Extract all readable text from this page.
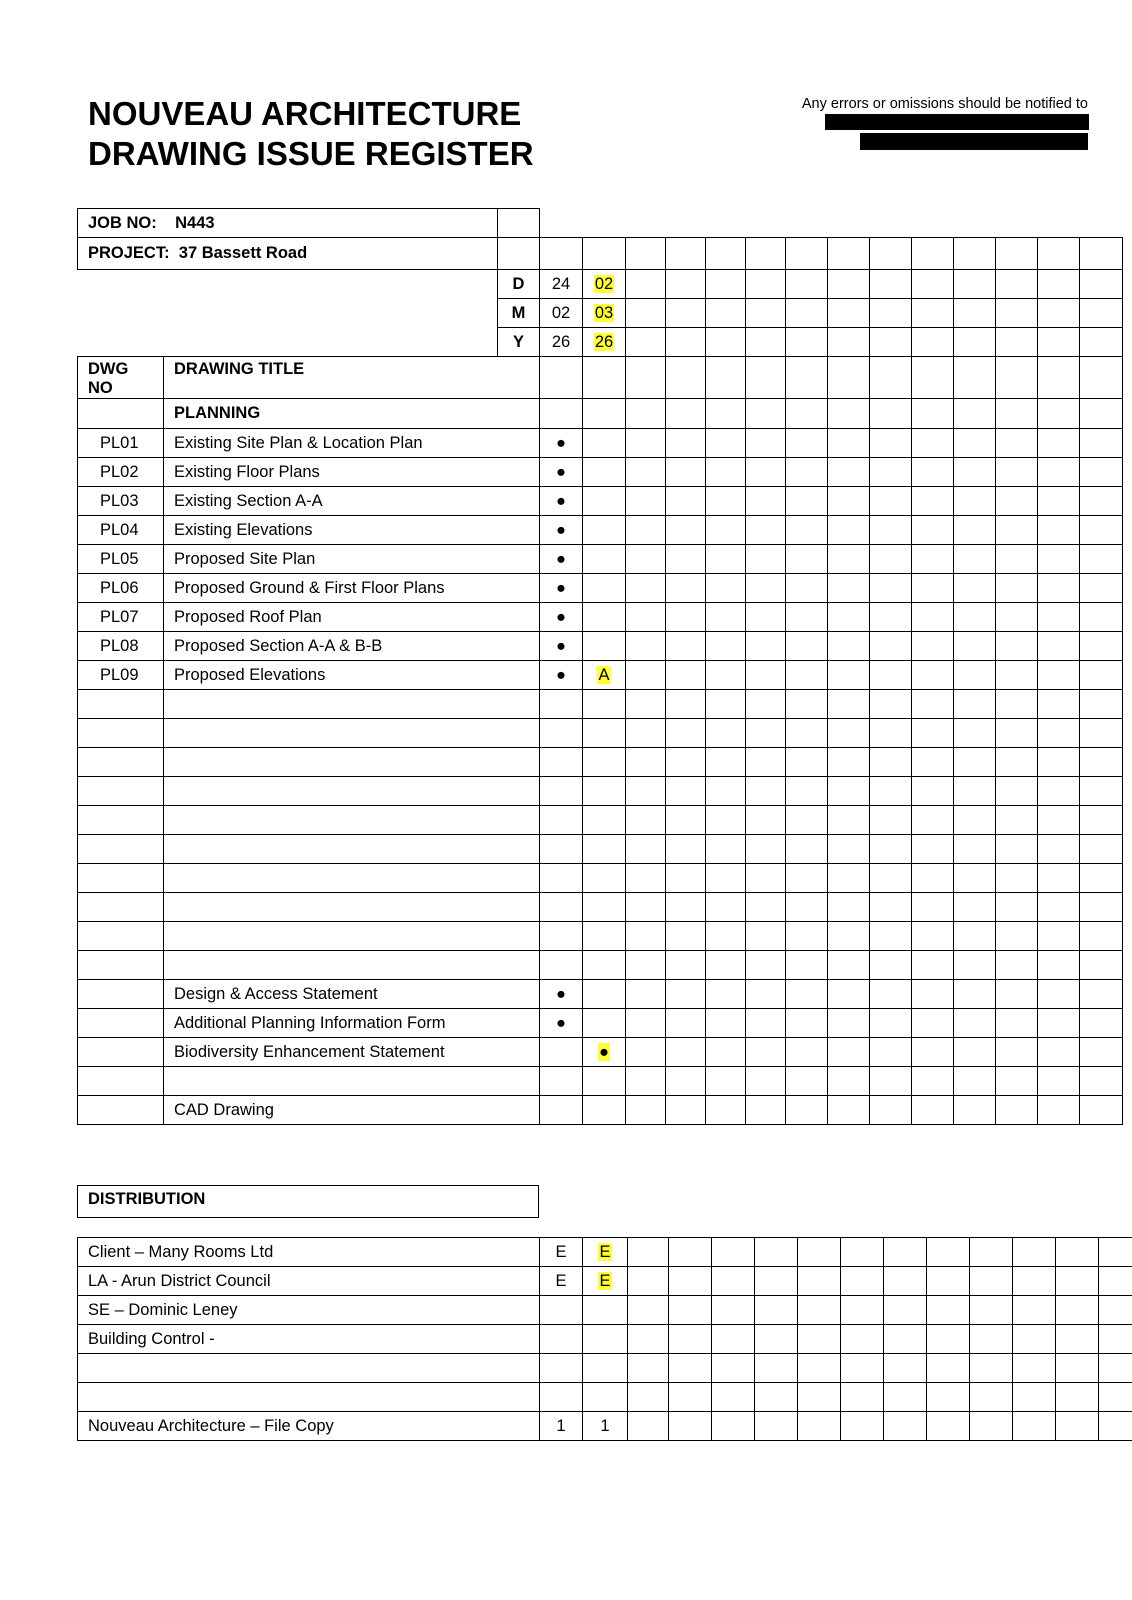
NOUVEAU ARCHITECTURE
DRAWING ISSUE REGISTER
Any errors or omissions should be notified to
JOB NO: N443																
PROJECT: 37 Bassett Road																
		D	24	02												
		M	02	03												
		Y	26	26												
DWG
NO	DRAWING TITLE															
	PLANNING															
PL01	Existing Site Plan & Location Plan		●													
PL02	Existing Floor Plans		●													
PL03	Existing Section A-A		●													
PL04	Existing Elevations		●													
PL05	Proposed Site Plan		●													
PL06	Proposed Ground & First Floor Plans		●													
PL07	Proposed Roof Plan		●													
PL08	Proposed Section A-A & B-B		●													
PL09	Proposed Elevations		●	A												

	Design & Access Statement		●													
	Additional Planning Information Form		●													
	Biodiversity Enhancement Statement			●												

	CAD Drawing															
DISTRIBUTION
Client – Many Rooms Ltd	E	E													
LA - Arun District Council	E	E													
SE – Dominic Leney															
Building Control -															

Nouveau Architecture – File Copy	1	1													
